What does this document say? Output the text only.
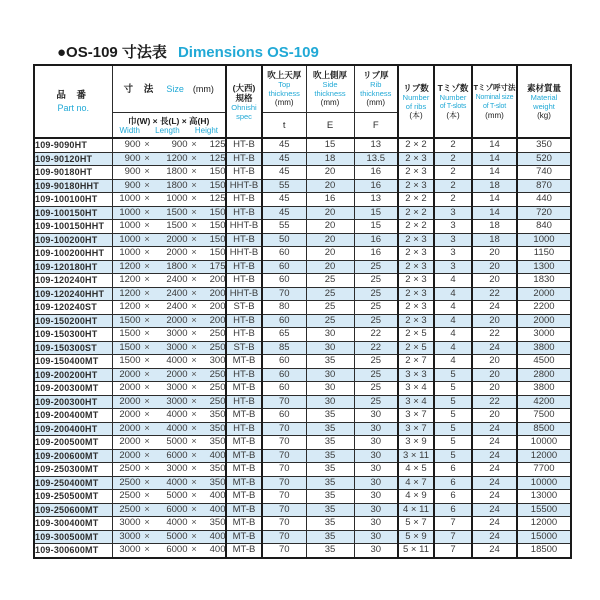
●OS-109 寸法表 Dimensions OS-109
品 番
Part no.

寸 法 Size (mm)	(大西)
規格
Ohnishi
spec

吹上天厚
Top
thickness
(mm)

吹上側厚
Side
thickness
(mm)

リブ厚
Rib
thickness
(mm)

リブ数
Number
of ribs
(本)

Tミゾ数
Number
of T-slots
(本)

Tミゾ呼寸法
Nominal size
of T-slot
(mm)

素材質量
Material
weight
(kg)

	巾(W) × 長(L) × 高(H)
Width Length Height		t	E	F				
109-9090HT	900 × 900 × 125	HT-B	45	15	13	2 × 2	2	14	350
109-90120HT	900 × 1200 × 125	HT-B	45	18	13.5	2 × 3	2	14	520
109-90180HT	900 × 1800 × 150	HT-B	45	20	16	2 × 3	2	14	740
109-90180HHT	900 × 1800 × 150	HHT-B	55	20	16	2 × 3	2	18	870
109-100100HT	1000 × 1000 × 125	HT-B	45	16	13	2 × 2	2	14	440
109-100150HT	1000 × 1500 × 150	HT-B	45	20	15	2 × 2	3	14	720
109-100150HHT	1000 × 1500 × 150	HHT-B	55	20	15	2 × 2	3	18	840
109-100200HT	1000 × 2000 × 150	HT-B	50	20	16	2 × 3	3	18	1000
109-100200HHT	1000 × 2000 × 150	HHT-B	60	20	16	2 × 3	3	20	1150
109-120180HT	1200 × 1800 × 175	HT-B	60	20	25	2 × 3	3	20	1300
109-120240HT	1200 × 2400 × 200	HT-B	60	25	25	2 × 3	4	20	1830
109-120240HHT	1200 × 2400 × 200	HHT-B	70	25	25	2 × 3	4	22	2000
109-120240ST	1200 × 2400 × 200	ST-B	80	25	25	2 × 3	4	24	2200
109-150200HT	1500 × 2000 × 200	HT-B	60	25	25	2 × 3	4	20	2000
109-150300HT	1500 × 3000 × 250	HT-B	65	30	22	2 × 5	4	22	3000
109-150300ST	1500 × 3000 × 250	ST-B	85	30	22	2 × 5	4	24	3800
109-150400MT	1500 × 4000 × 300	MT-B	60	35	25	2 × 7	4	20	4500
109-200200HT	2000 × 2000 × 250	HT-B	60	30	25	3 × 3	5	20	2800
109-200300MT	2000 × 3000 × 250	MT-B	60	30	25	3 × 4	5	20	3800
109-200300HT	2000 × 3000 × 250	HT-B	70	30	25	3 × 4	5	22	4200
109-200400MT	2000 × 4000 × 350	MT-B	60	35	30	3 × 7	5	20	7500
109-200400HT	2000 × 4000 × 350	HT-B	70	35	30	3 × 7	5	24	8500
109-200500MT	2000 × 5000 × 350	MT-B	70	35	30	3 × 9	5	24	10000
109-200600MT	2000 × 6000 × 400	MT-B	70	35	30	3 × 11	5	24	12000
109-250300MT	2500 × 3000 × 350	MT-B	70	35	30	4 × 5	6	24	7700
109-250400MT	2500 × 4000 × 350	MT-B	70	35	30	4 × 7	6	24	10000
109-250500MT	2500 × 5000 × 400	MT-B	70	35	30	4 × 9	6	24	13000
109-250600MT	2500 × 6000 × 400	MT-B	70	35	30	4 × 11	6	24	15500
109-300400MT	3000 × 4000 × 350	MT-B	70	35	30	5 × 7	7	24	12000
109-300500MT	3000 × 5000 × 400	MT-B	70	35	30	5 × 9	7	24	15000
109-300600MT	3000 × 6000 × 400	MT-B	70	35	30	5 × 11	7	24	18500
